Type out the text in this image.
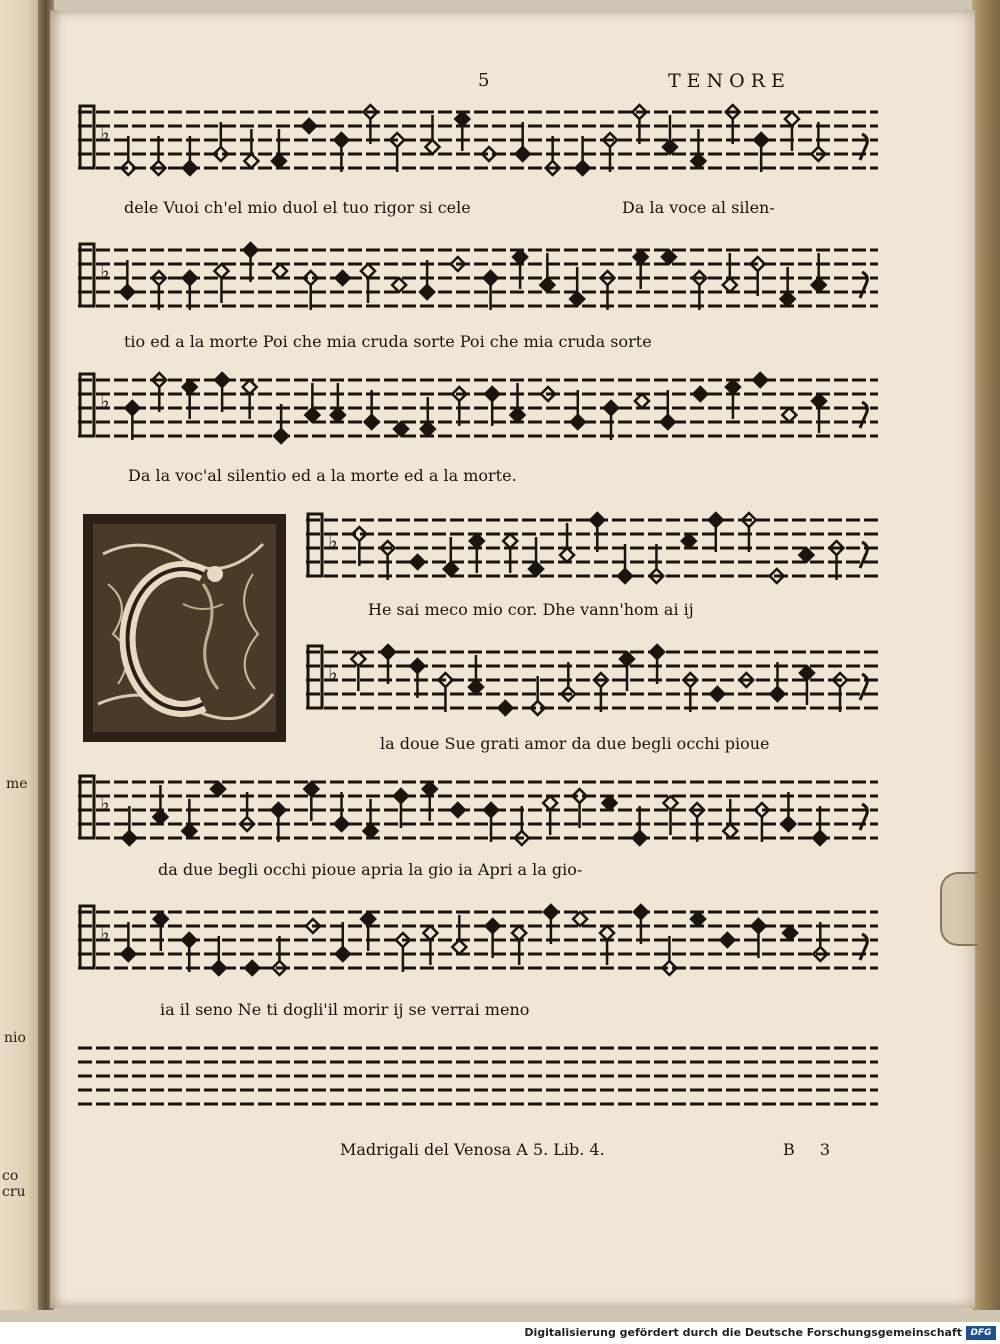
me
nio
co cru
5	TENORE
♭
♭
♭
♭
♭
♭
♭
dele Vuoi ch'el mio duol el tuo rigor si cele	Da la voce al silen-
tio ed a la morte Poi che mia cruda sorte Poi che mia cruda sorte
Da la voc'al silentio ed a la morte ed a la morte.
He sai meco mio cor. Dhe vann'hom ai ij
la doue Sue grati amor da due begli occhi pioue
da due begli occhi pioue apria la gio ia Apri a la gio-
ia il seno Ne ti dogli'il morir ij se verrai meno
Madrigali del Venosa A 5. Lib. 4.	B 3
Digitalisierung gefördert durch die Deutsche Forschungsgemeinschaft DFG
